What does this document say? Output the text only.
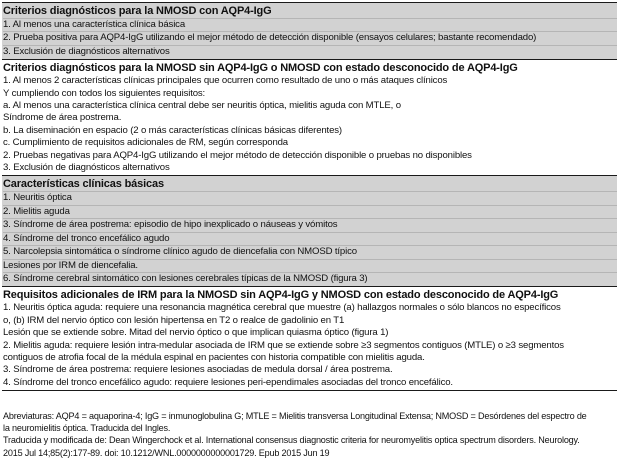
Criterios diagnósticos para la NMOSD con AQP4-IgG
1. Al menos una característica clínica básica
2. Prueba positiva para AQP4-IgG utilizando el mejor método de detección disponible (ensayos celulares; bastante recomendado)
3. Exclusión de diagnósticos alternativos
Criterios diagnósticos para la NMOSD sin AQP4-IgG o NMOSD con estado desconocido de AQP4-IgG
1. Al menos 2 características clínicas principales que ocurren como resultado de uno o más ataques clínicos
Y cumpliendo con todos los siguientes requisitos:
a. Al menos una característica clínica central debe ser neuritis óptica, mielitis aguda con MTLE, o
Síndrome de área postrema.
b. La diseminación en espacio (2 o más características clínicas básicas diferentes)
c. Cumplimiento de requisitos adicionales de RM, según corresponda
2. Pruebas negativas para AQP4-IgG utilizando el mejor método de detección disponible o pruebas no disponibles
3. Exclusión de diagnósticos alternativos
Características clínicas básicas
1. Neuritis óptica
2. Mielitis aguda
3. Síndrome de área postrema: episodio de hipo inexplicado o náuseas y vómitos
4. Síndrome del tronco encefálico agudo
5. Narcolepsia sintomática o síndrome clínico agudo de diencefalia con NMOSD típico
Lesiones por IRM de diencefalia.
6. Síndrome cerebral sintomático con lesiones cerebrales típicas de la NMOSD (figura 3)
Requisitos adicionales de IRM para la NMOSD sin AQP4-IgG y NMOSD con estado desconocido de AQP4-IgG
1. Neuritis óptica aguda: requiere una resonancia magnética cerebral que muestre (a) hallazgos normales o sólo blancos no específicos
o, (b) IRM del nervio óptico con lesión hipertensa en T2 o realce de gadolinio en T1
Lesión que se extiende sobre. Mitad del nervio óptico o que implican quiasma óptico (figura 1)
2. Mielitis aguda: requiere lesión intra-medular asociada de IRM que se extiende sobre ≥3 segmentos contiguos (MTLE) o ≥3 segmentos
contiguos de atrofia focal de la médula espinal en pacientes con historia compatible con mielitis aguda.
3. Síndrome de área postrema: requiere lesiones asociadas de medula dorsal / área postrema.
4. Síndrome del tronco encefálico agudo: requiere lesiones peri-ependimales asociadas del tronco encefálico.
Abreviaturas: AQP4 = aquaporina-4; IgG = inmunoglobulina G; MTLE = Mielitis transversa Longitudinal Extensa; NMOSD = Desórdenes del espectro de
la neuromielitis óptica. Traducida del Ingles.
Traducida y modificada de: Dean Wingerchock et al. International consensus diagnostic criteria for neuromyelitis optica spectrum disorders. Neurology.
2015 Jul 14;85(2):177-89. doi: 10.1212/WNL.0000000000001729. Epub 2015 Jun 19
